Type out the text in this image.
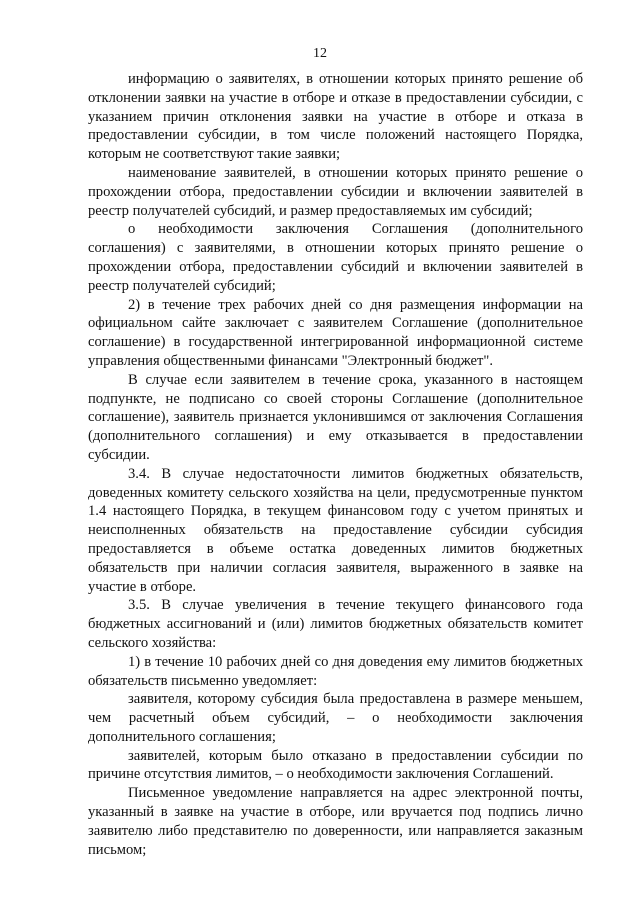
12

информацию о заявителях, в отношении которых принято решение об отклонении заявки на участие в отборе и отказе в предоставлении субсидии, с указанием причин отклонения заявки на участие в отборе и отказа в предоставлении субсидии, в том числе положений настоящего Порядка, которым не соответствуют такие заявки;

наименование заявителей, в отношении которых принято решение о прохождении отбора, предоставлении субсидии и включении заявителей в реестр получателей субсидий, и размер предоставляемых им субсидий;

о необходимости заключения Соглашения (дополнительного соглашения) с заявителями, в отношении которых принято решение о прохождении отбора, предоставлении субсидий и включении заявителей в реестр получателей субсидий;

2) в течение трех рабочих дней со дня размещения информации на официальном сайте заключает с заявителем Соглашение (дополнительное соглашение) в государственной интегрированной информационной системе управления общественными финансами "Электронный бюджет".

В случае если заявителем в течение срока, указанного в настоящем подпункте, не подписано со своей стороны Соглашение (дополнительное соглашение), заявитель признается уклонившимся от заключения Соглашения (дополнительного соглашения) и ему отказывается в предоставлении субсидии.

3.4. В случае недостаточности лимитов бюджетных обязательств, доведенных комитету сельского хозяйства на цели, предусмотренные пунктом 1.4 настоящего Порядка, в текущем финансовом году с учетом принятых и неисполненных обязательств на предоставление субсидии субсидия предоставляется в объеме остатка доведенных лимитов бюджетных обязательств при наличии согласия заявителя, выраженного в заявке на участие в отборе.

3.5. В случае увеличения в течение текущего финансового года бюджетных ассигнований и (или) лимитов бюджетных обязательств комитет сельского хозяйства:

1) в течение 10 рабочих дней со дня доведения ему лимитов бюджетных обязательств письменно уведомляет:

заявителя, которому субсидия была предоставлена в размере меньшем, чем расчетный объем субсидий, – о необходимости заключения дополнительного соглашения;

заявителей, которым было отказано в предоставлении субсидии по причине отсутствия лимитов, – о необходимости заключения Соглашений.

Письменное уведомление направляется на адрес электронной почты, указанный в заявке на участие в отборе, или вручается под подпись лично заявителю либо представителю по доверенности, или направляется заказным письмом;
